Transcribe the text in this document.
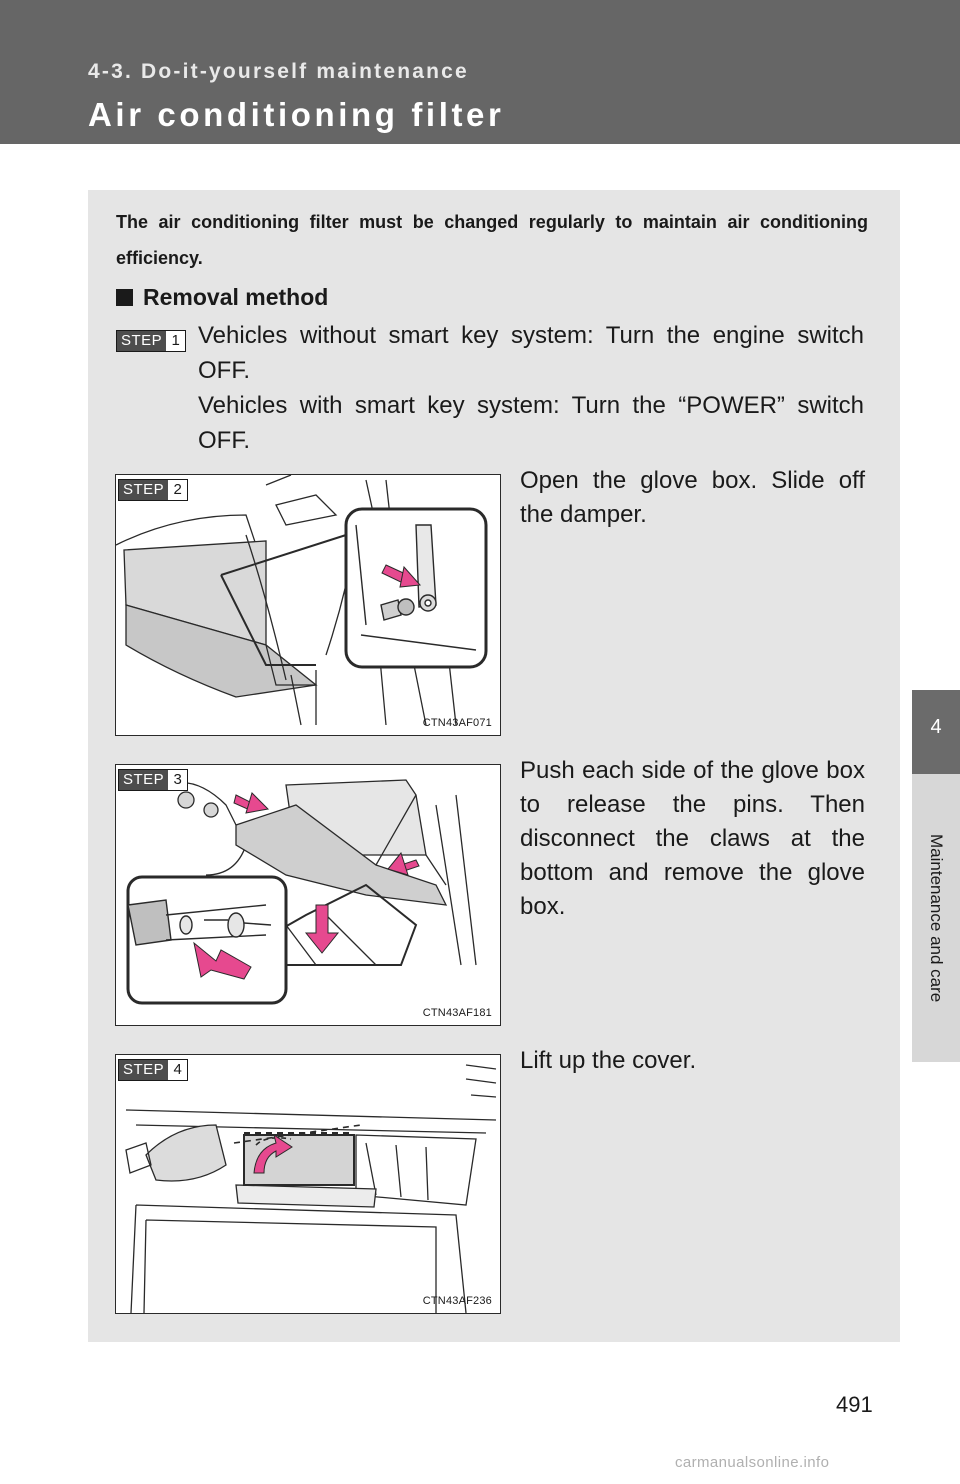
4-3. Do-it-yourself maintenance
Air conditioning filter
4
Maintenance and care
The air conditioning filter must be changed regularly to maintain air conditioning efficiency.
Removal method
STEP 1 Vehicles without smart key system: Turn the engine switch OFF.

Vehicles with smart key system: Turn the “POWER” switch OFF.

STEP 2
CTN43AF071
Open the glove box. Slide off the damper.
STEP 3
CTN43AF181
Push each side of the glove box to release the pins. Then disconnect the claws at the bottom and remove the glove box.
STEP 4
CTN43AF236
Lift up the cover.
491
carmanualsonline.info
